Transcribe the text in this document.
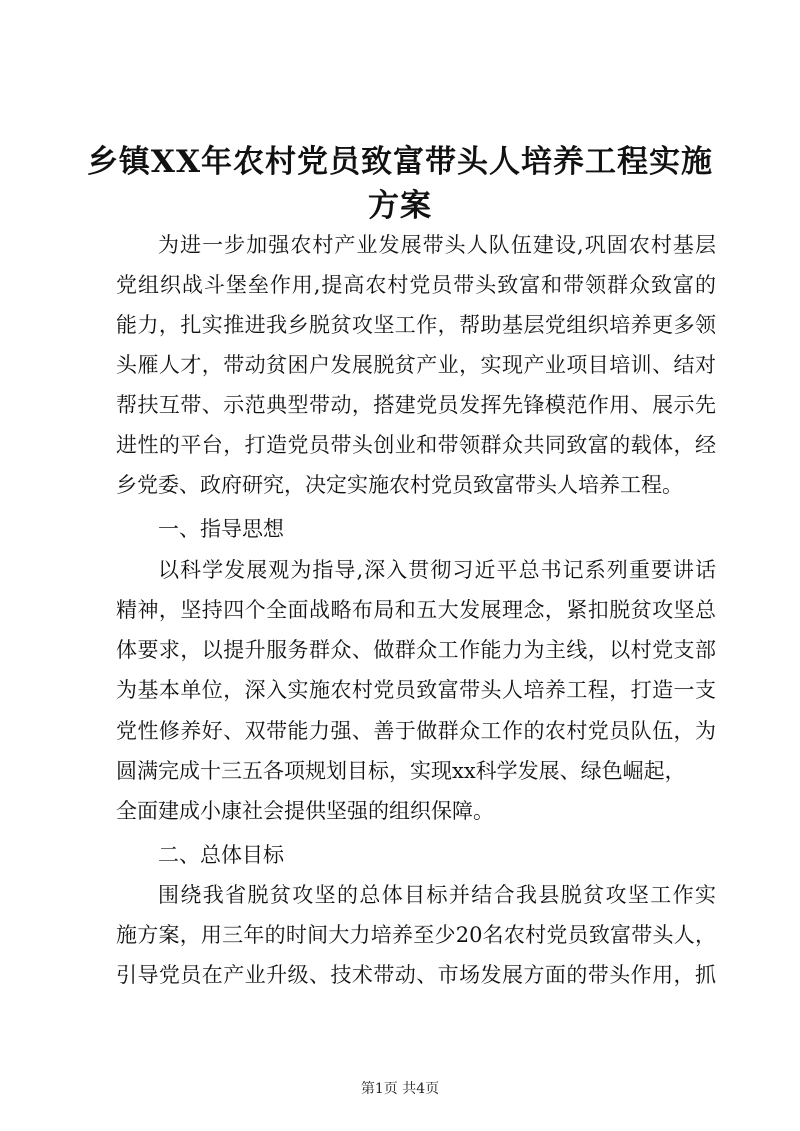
乡镇XX年农村党员致富带头人培养工程实施
方案
为进一步加强农村产业发展带头人队伍建设,巩固农村基层
党组织战斗堡垒作用,提高农村党员带头致富和带领群众致富的
能力，扎实推进我乡脱贫攻坚工作，帮助基层党组织培养更多领
头雁人才，带动贫困户发展脱贫产业，实现产业项目培训、结对
帮扶互带、示范典型带动，搭建党员发挥先锋模范作用、展示先
进性的平台，打造党员带头创业和带领群众共同致富的载体，经
乡党委、政府研究，决定实施农村党员致富带头人培养工程。
一、指导思想
以科学发展观为指导,深入贯彻习近平总书记系列重要讲话
精神，坚持四个全面战略布局和五大发展理念，紧扣脱贫攻坚总
体要求，以提升服务群众、做群众工作能力为主线，以村党支部
为基本单位，深入实施农村党员致富带头人培养工程，打造一支
党性修养好、双带能力强、善于做群众工作的农村党员队伍，为
圆满完成十三五各项规划目标，实现xx科学发展、绿色崛起，
全面建成小康社会提供坚强的组织保障。
二、总体目标
围绕我省脱贫攻坚的总体目标并结合我县脱贫攻坚工作实
施方案，用三年的时间大力培养至少20名农村党员致富带头人，
引导党员在产业升级、技术带动、市场发展方面的带头作用，抓
第1页 共4页
